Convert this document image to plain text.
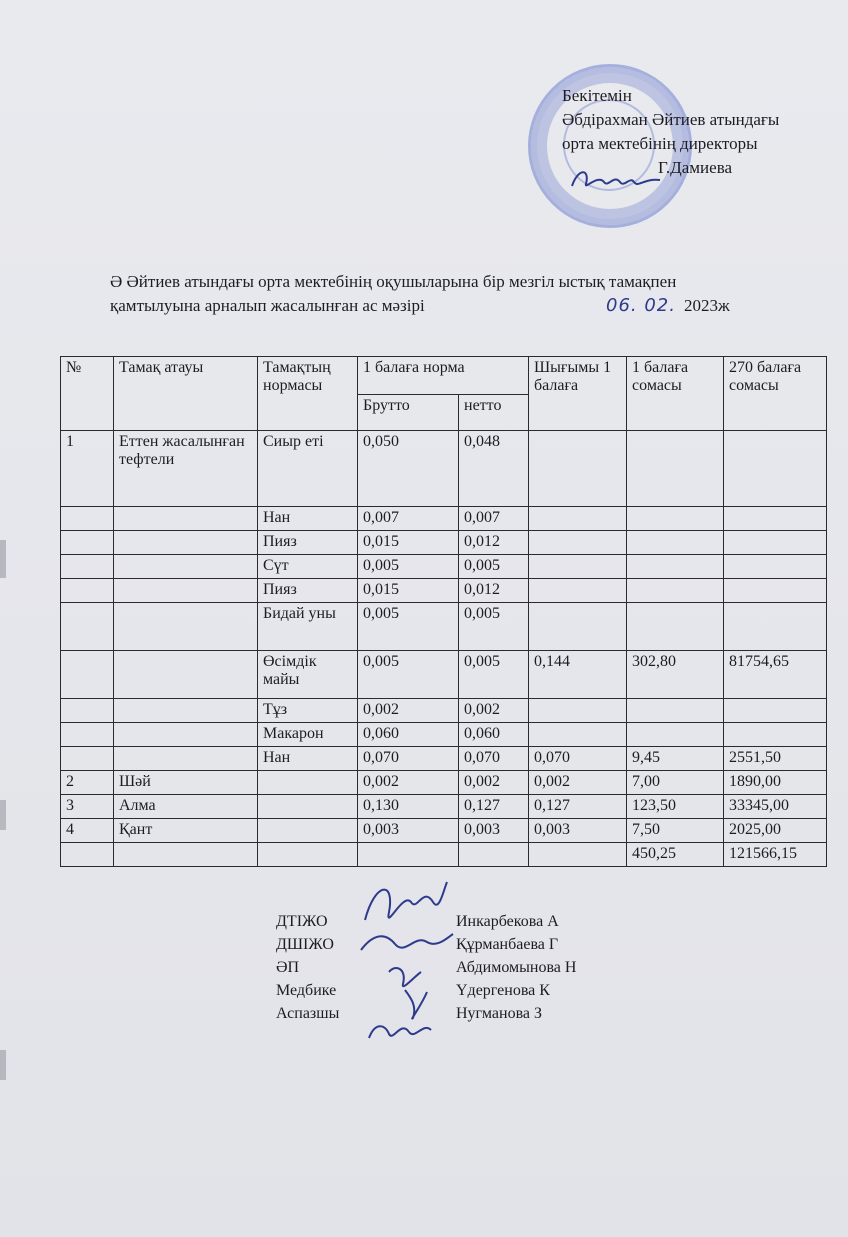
Бекітемін
Әбдірахман Әйтиев атындағы
орта мектебінің директоры
Г.Дамиева
Ә Әйтиев атындағы орта мектебінің оқушыларына бір мезгіл ыстық тамақпен
қамтылуына арналып жасалынған ас мәзірі	06. 02. 2023ж
№	Тамақ атауы	Тамақтың нормасы	1 балаға норма		Шығымы 1 балаға	1 балаға сомасы	270 балаға сомасы
			Брутто	нетто			
1	Еттен жасалынған тефтели	Сиыр еті	0,050	0,048			
		Нан	0,007	0,007			
		Пияз	0,015	0,012			
		Сүт	0,005	0,005			
		Пияз	0,015	0,012			
		Бидай уны	0,005	0,005			
		Өсімдік майы	0,005	0,005	0,144	302,80	81754,65
		Тұз	0,002	0,002			
		Макарон	0,060	0,060			
		Нан	0,070	0,070	0,070	9,45	2551,50
2	Шәй		0,002	0,002	0,002	7,00	1890,00
3	Алма		0,130	0,127	0,127	123,50	33345,00
4	Қант		0,003	0,003	0,003	7,50	2025,00
						450,25	121566,15
ДТІЖО	Инкарбекова А
ДШІЖО	Құрманбаева Г
ӘП	Абдимомынова Н
Медбике	Үдергенова К
Аспазшы	Нугманова З
